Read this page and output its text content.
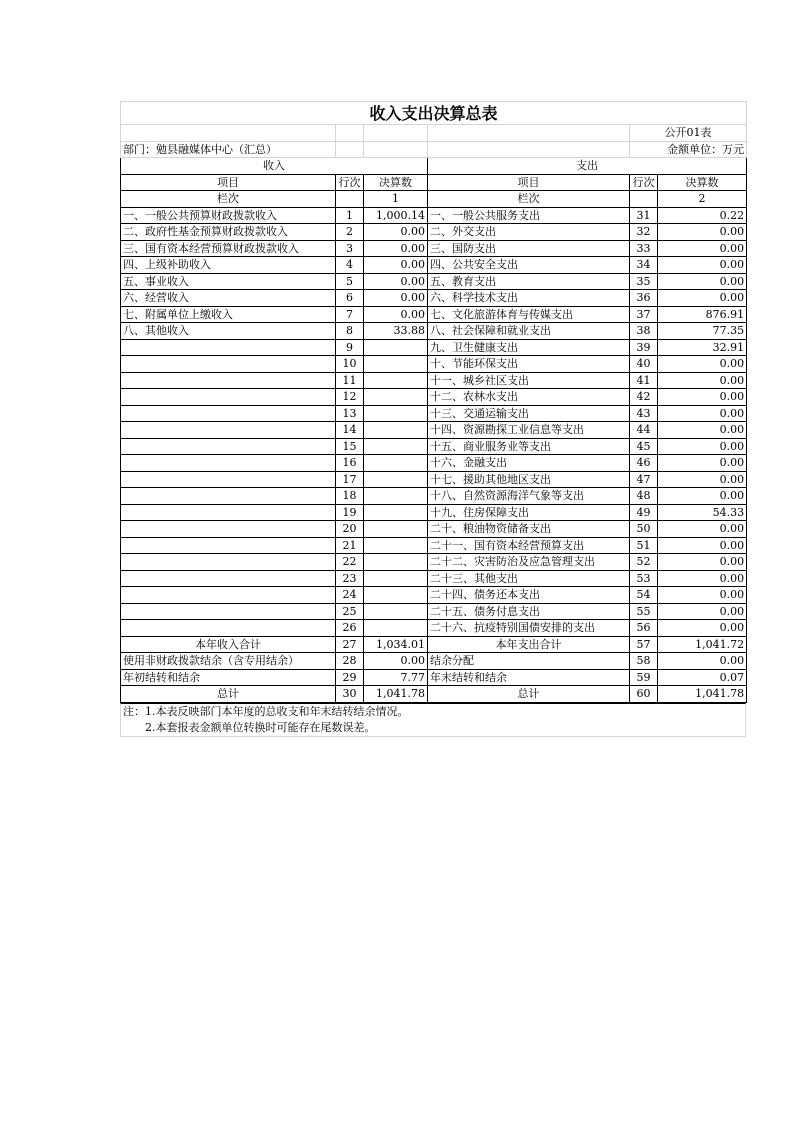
收入支出决算总表					
				公开01表	
部门：勉县融媒体中心（汇总）				金额单位：万元	
收入			支出		
项目	行次	决算数	项目	行次	决算数
栏次		1	栏次		2
一、一般公共预算财政拨款收入	1	1,000.14	一、一般公共服务支出	31	0.22
二、政府性基金预算财政拨款收入	2	0.00	二、外交支出	32	0.00
三、国有资本经营预算财政拨款收入	3	0.00	三、国防支出	33	0.00
四、上级补助收入	4	0.00	四、公共安全支出	34	0.00
五、事业收入	5	0.00	五、教育支出	35	0.00
六、经营收入	6	0.00	六、科学技术支出	36	0.00
七、附属单位上缴收入	7	0.00	七、文化旅游体育与传媒支出	37	876.91
八、其他收入	8	33.88	八、社会保障和就业支出	38	77.35
	9		九、卫生健康支出	39	32.91
	10		十、节能环保支出	40	0.00
	11		十一、城乡社区支出	41	0.00
	12		十二、农林水支出	42	0.00
	13		十三、交通运输支出	43	0.00
	14		十四、资源勘探工业信息等支出	44	0.00
	15		十五、商业服务业等支出	45	0.00
	16		十六、金融支出	46	0.00
	17		十七、援助其他地区支出	47	0.00
	18		十八、自然资源海洋气象等支出	48	0.00
	19		十九、住房保障支出	49	54.33
	20		二十、粮油物资储备支出	50	0.00
	21		二十一、国有资本经营预算支出	51	0.00
	22		二十二、灾害防治及应急管理支出	52	0.00
	23		二十三、其他支出	53	0.00
	24		二十四、债务还本支出	54	0.00
	25		二十五、债务付息支出	55	0.00
	26		二十六、抗疫特别国债安排的支出	56	0.00
本年收入合计	27	1,034.01	本年支出合计	57	1,041.72
使用非财政拨款结余（含专用结余）	28	0.00	结余分配	58	0.00
年初结转和结余	29	7.77	年末结转和结余	59	0.07
总计	30	1,041.78	总计	60	1,041.78
注：1.本表反映部门本年度的总收支和年末结转结余情况。
2.本套报表金额单位转换时可能存在尾数误差。
